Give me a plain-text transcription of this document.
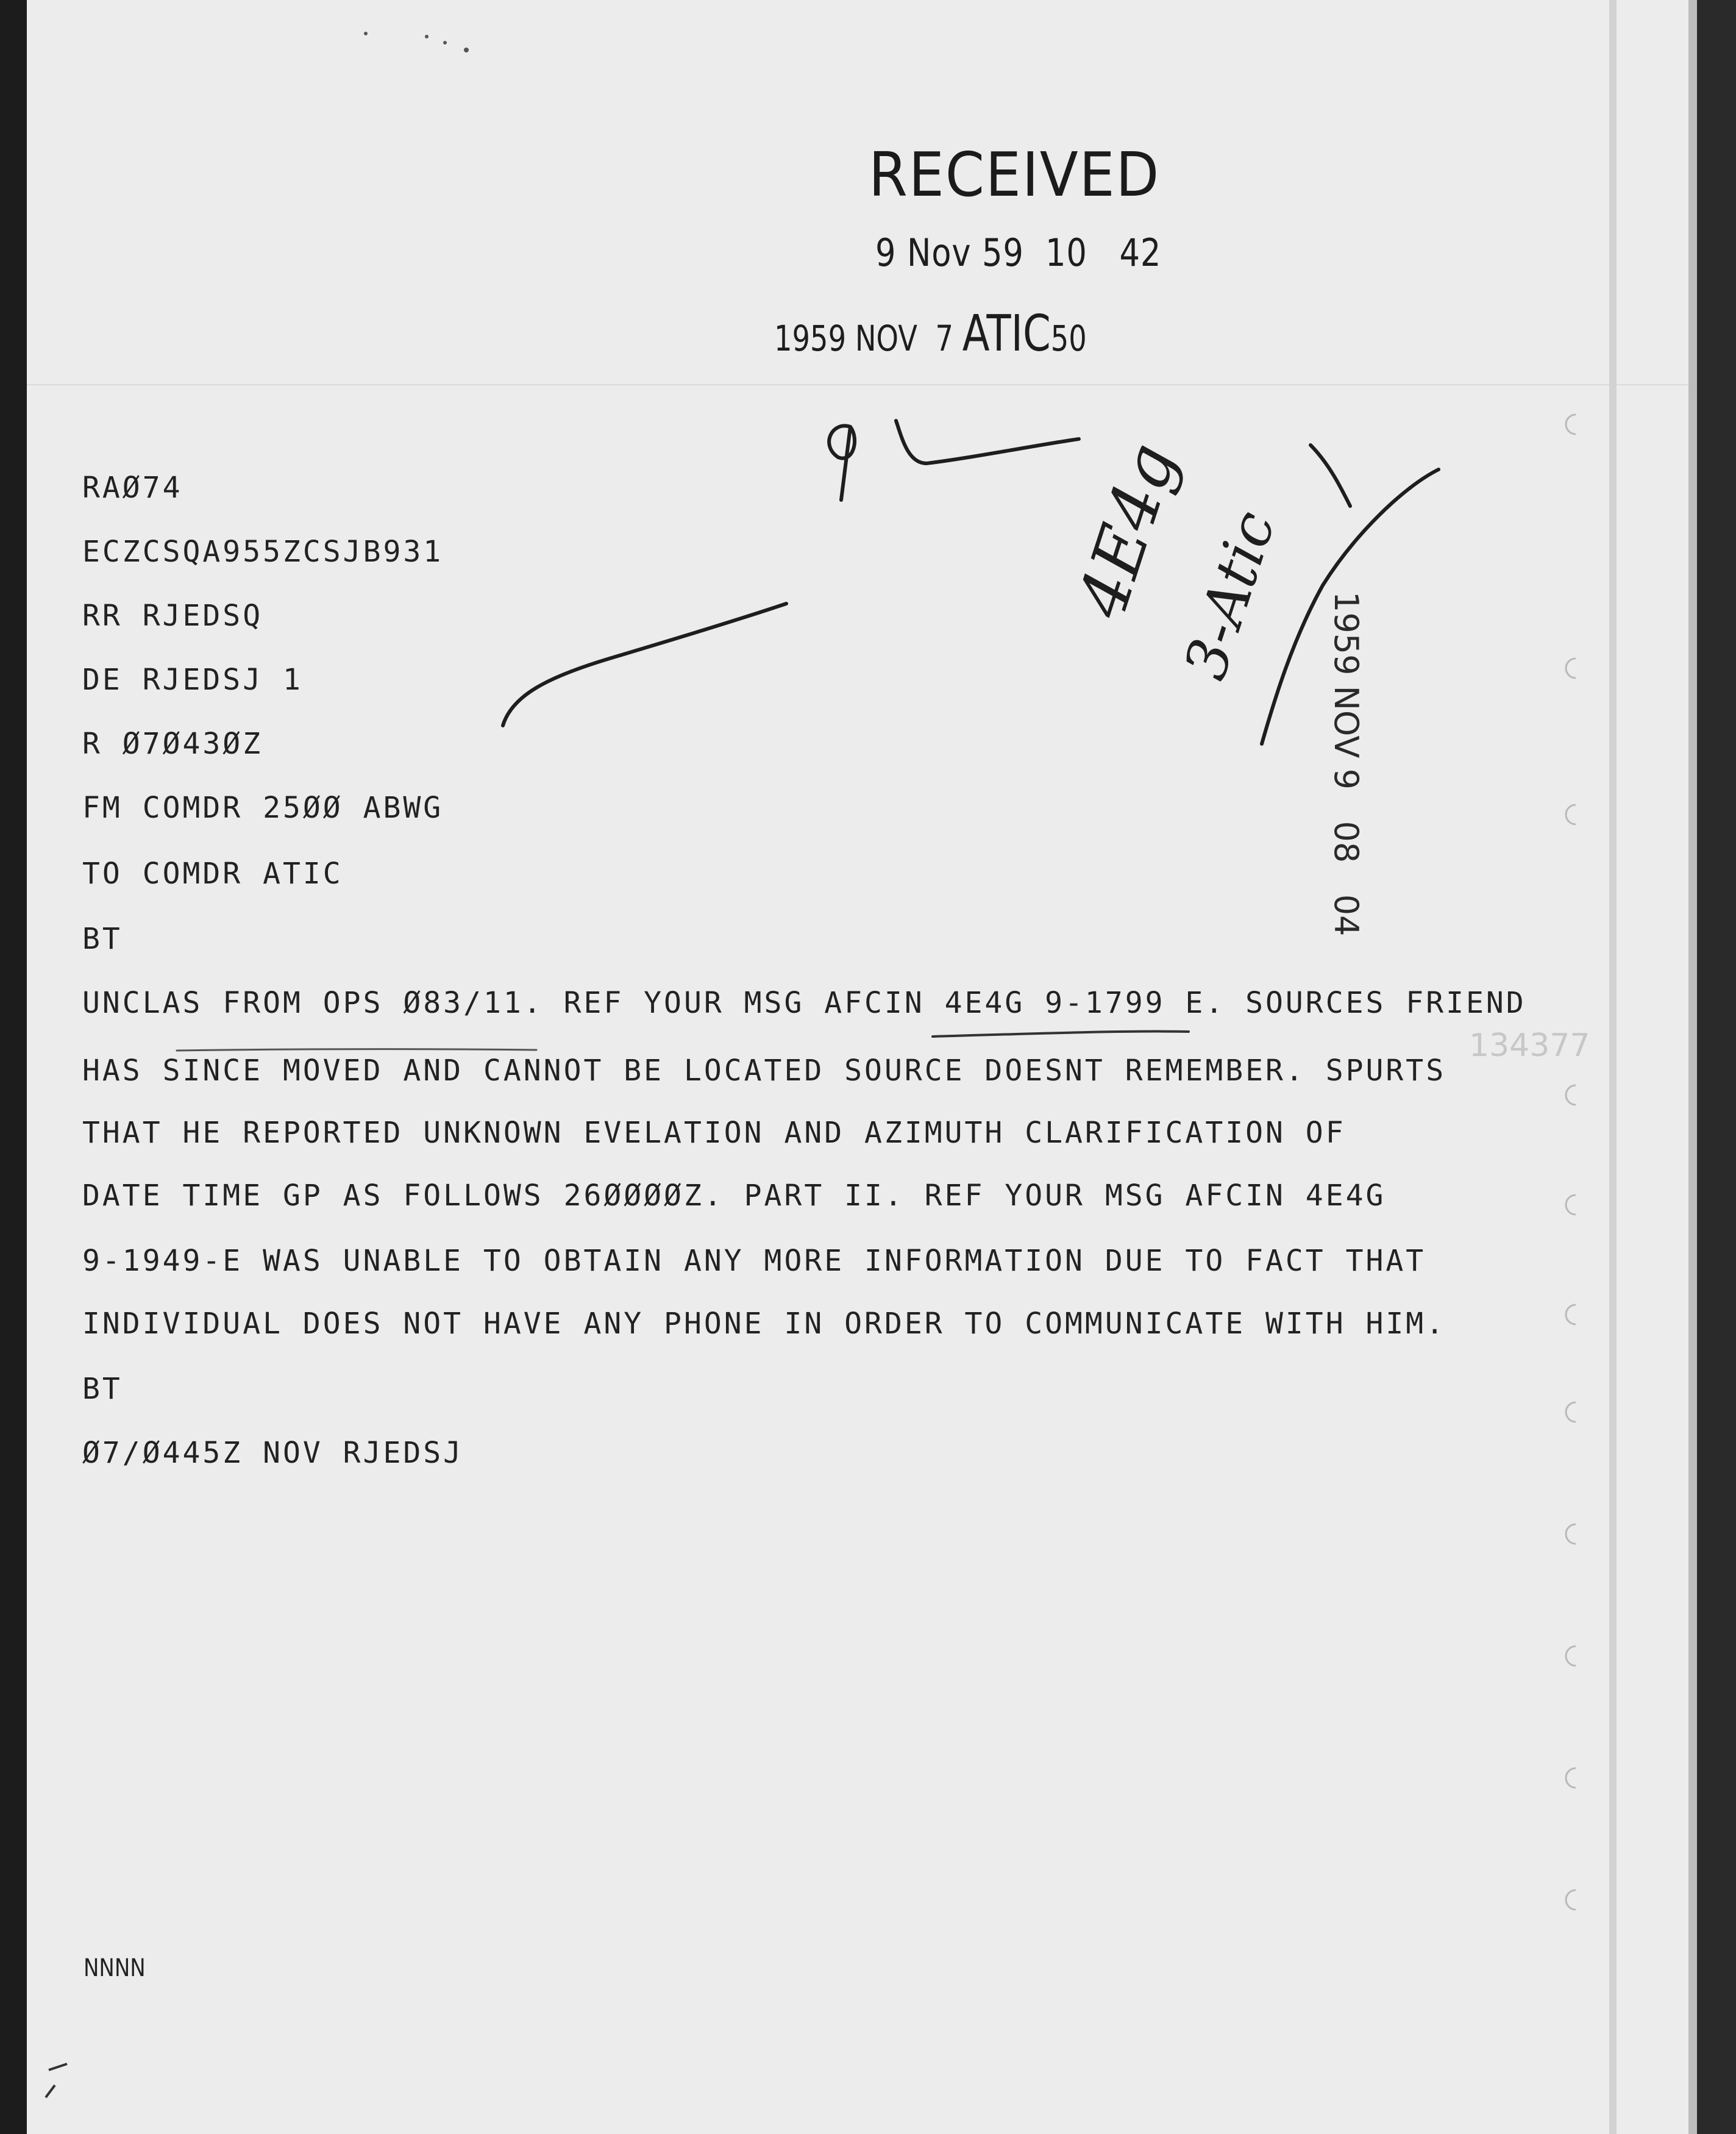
RECEIVED
9 Nov 59  10   42
1959 NOV  7 ATIC50
1959 NOV 9   08   04
134377
RAØ74
ECZCSQA955ZCSJB931
RR RJEDSQ
DE RJEDSJ 1
R Ø7Ø43ØZ
FM COMDR 25ØØ ABWG
TO COMDR ATIC
BT
UNCLAS FROM OPS Ø83/11. REF YOUR MSG AFCIN 4E4G 9-1799 E. SOURCES FRIEND
HAS SINCE MOVED AND CANNOT BE LOCATED SOURCE DOESNT REMEMBER. SPURTS
THAT HE REPORTED UNKNOWN EVELATION AND AZIMUTH CLARIFICATION OF
DATE TIME GP AS FOLLOWS 26ØØØØZ. PART II. REF YOUR MSG AFCIN 4E4G
9-1949-E WAS UNABLE TO OBTAIN ANY MORE INFORMATION DUE TO FACT THAT
INDIVIDUAL DOES NOT HAVE ANY PHONE IN ORDER TO COMMUNICATE WITH HIM.
BT
Ø7/Ø445Z NOV RJEDSJ
NNNN
4E4g
3-Atic
